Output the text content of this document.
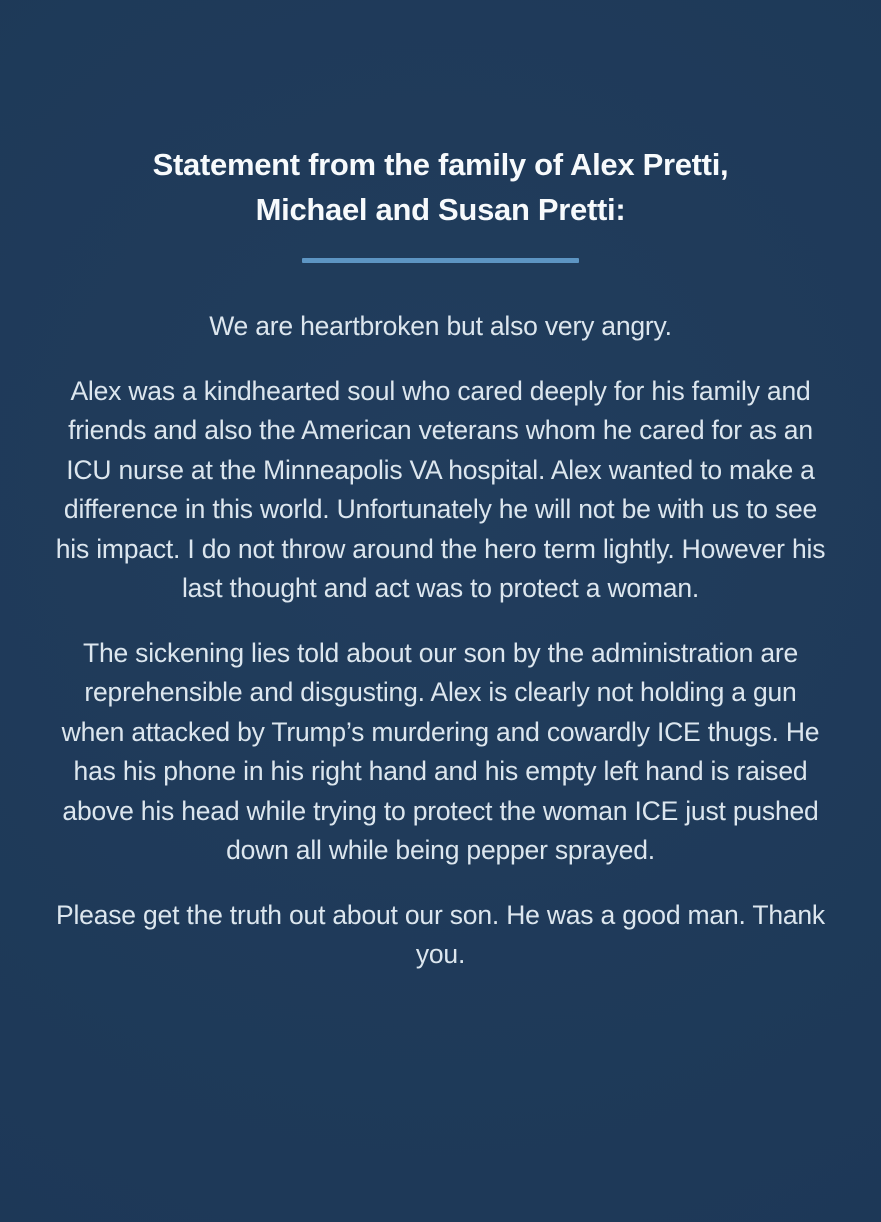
Statement from the family of Alex Pretti,
Michael and Susan Pretti:

We are heartbroken but also very angry.

Alex was a kindhearted soul who cared deeply for his family and friends and also the American veterans whom he cared for as an ICU nurse at the Minneapolis VA hospital. Alex wanted to make a difference in this world. Unfortunately he will not be with us to see his impact. I do not throw around the hero term lightly. However his last thought and act was to protect a woman.

The sickening lies told about our son by the administration are reprehensible and disgusting. Alex is clearly not holding a gun when attacked by Trump’s murdering and cowardly ICE thugs. He has his phone in his right hand and his empty left hand is raised above his head while trying to protect the woman ICE just pushed down all while being pepper sprayed.

Please get the truth out about our son. He was a good man. Thank you.
